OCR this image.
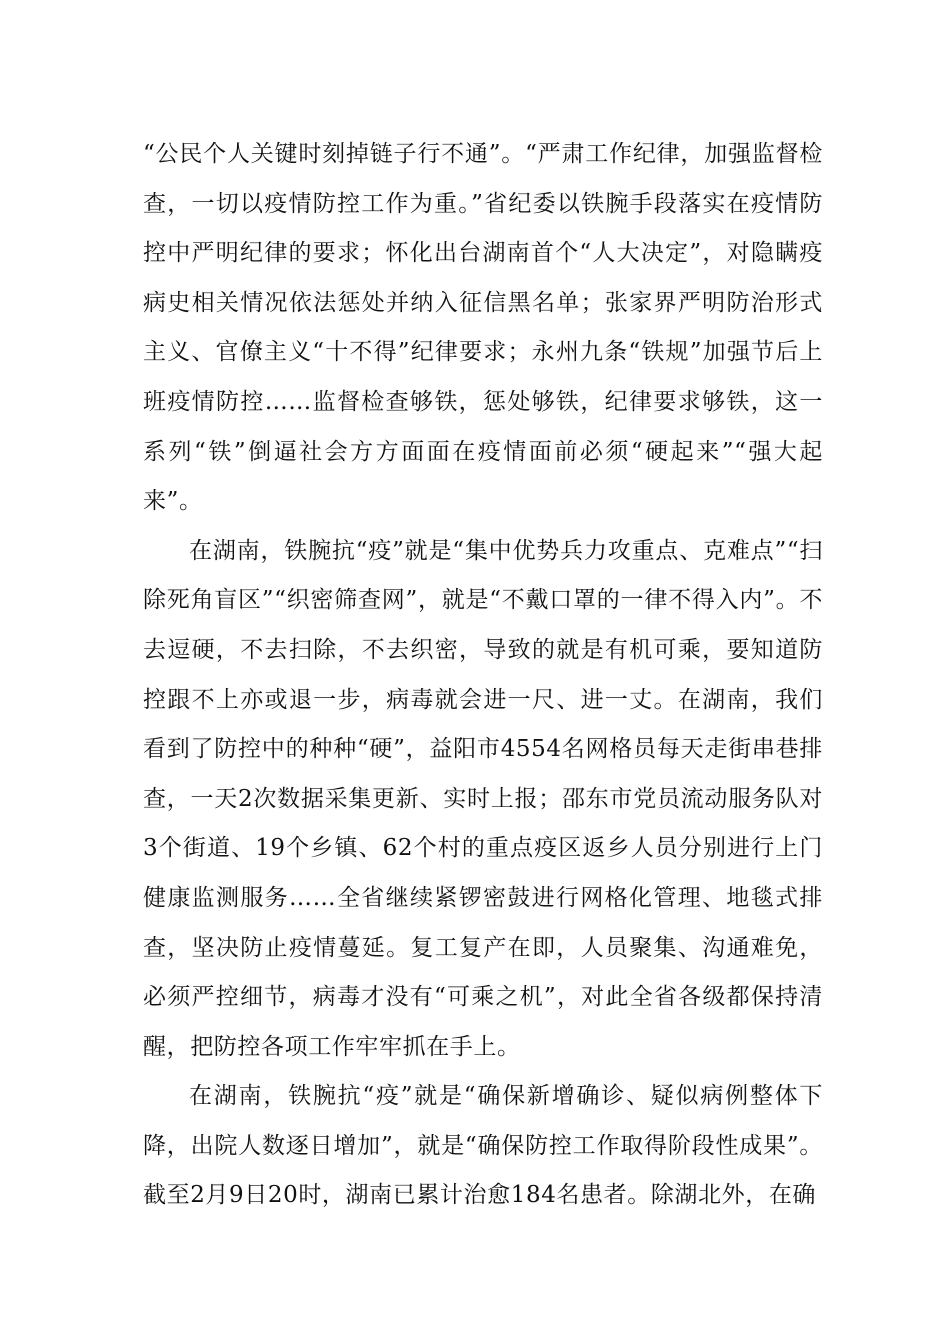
“公民个人关键时刻掉链子行不通”。“严肃工作纪律，加强监督检查，一切以疫情防控工作为重。”省纪委以铁腕手段落实在疫情防控中严明纪律的要求；怀化出台湖南首个“人大决定”，对隐瞒疫病史相关情况依法惩处并纳入征信黑名单；张家界严明防治形式主义、官僚主义“十不得”纪律要求；永州九条“铁规”加强节后上班疫情防控……监督检查够铁，惩处够铁，纪律要求够铁，这一系列“铁”倒逼社会方方面面在疫情面前必须“硬起来”“强大起来”。

在湖南，铁腕抗“疫”就是“集中优势兵力攻重点、克难点”“扫除死角盲区”“织密筛查网”，就是“不戴口罩的一律不得入内”。不去逗硬，不去扫除，不去织密，导致的就是有机可乘，要知道防控跟不上亦或退一步，病毒就会进一尺、进一丈。在湖南，我们看到了防控中的种种“硬”，益阳市4554名网格员每天走街串巷排查，一天2次数据采集更新、实时上报；邵东市党员流动服务队对3个街道、19个乡镇、62个村的重点疫区返乡人员分别进行上门健康监测服务……全省继续紧锣密鼓进行网格化管理、地毯式排查，坚决防止疫情蔓延。复工复产在即，人员聚集、沟通难免，必须严控细节，病毒才没有“可乘之机”，对此全省各级都保持清醒，把防控各项工作牢牢抓在手上。

在湖南，铁腕抗“疫”就是“确保新增确诊、疑似病例整体下降，出院人数逐日增加”，就是“确保防控工作取得阶段性成果”。截至2月9日20时，湖南已累计治愈184名患者。除湖北外，在确
